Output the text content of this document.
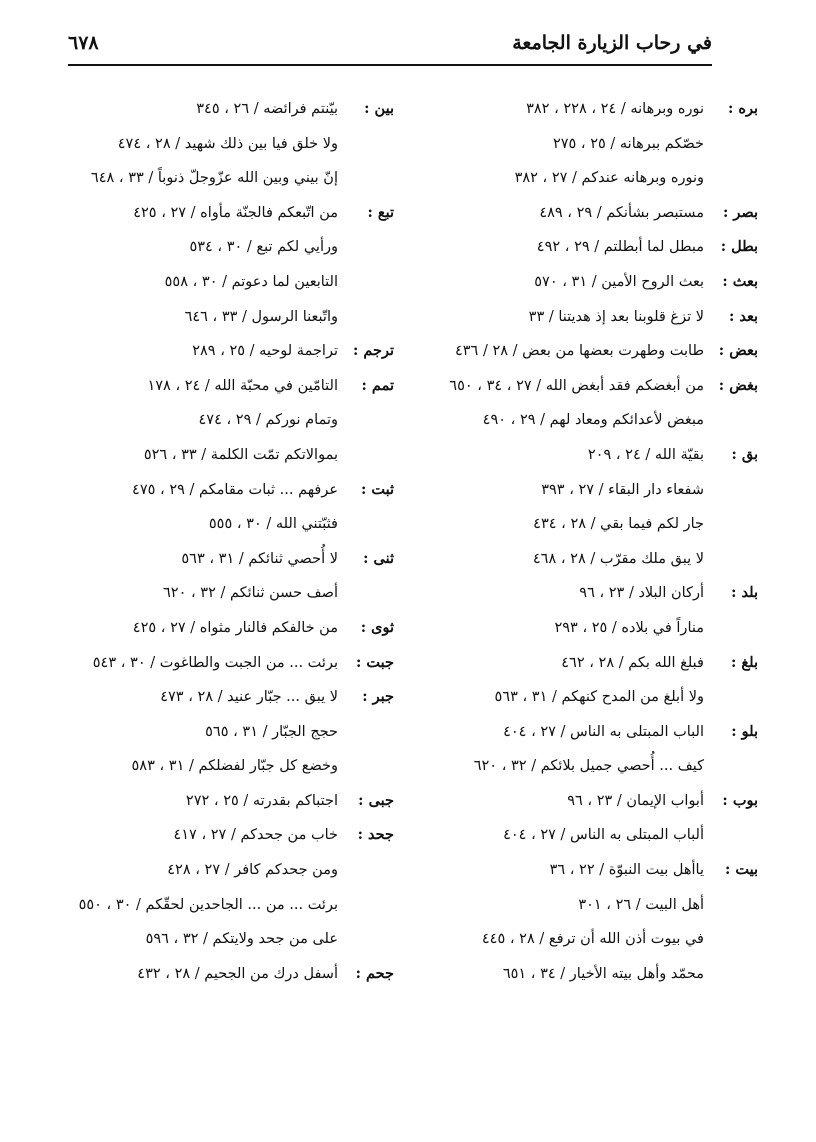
في رحاب الزيارة الجامعة
٦٧٨
بره :
نوره وبرهانه / ٢٤ ، ٢٢٨ ، ٣٨٢
خصّكم ببرهانه / ٢٥ ، ٢٧٥
ونوره وبرهانه عندكم / ٢٧ ، ٣٨٢
بصر :
مستبصر بشأنكم / ٢٩ ، ٤٨٩
بطل :
مبطل لما أبطلتم / ٢٩ ، ٤٩٢
بعث :
بعث الروح الأمين / ٣١ ، ٥٧٠
بعد :
لا تزغ قلوبنا بعد إذ هديتنا / ٣٣
بعض :
طابت وطهرت بعضها من بعض / ٢٨ / ٤٣٦
بغض :
من أبغضكم فقد أبغض الله / ٢٧ ، ٣٤ ، ٦٥٠
مبغض لأعدائكم ومعاد لهم / ٢٩ ، ٤٩٠
بق :
بقيّة الله / ٢٤ ، ٢٠٩
شفعاء دار البقاء / ٢٧ ، ٣٩٣
جار لكم فيما بقي / ٢٨ ، ٤٣٤
لا يبق ملك مقرّب / ٢٨ ، ٤٦٨
بلد :
أركان البلاد / ٢٣ ، ٩٦
مناراً في بلاده / ٢٥ ، ٢٩٣
بلغ :
فبلغ الله بكم / ٢٨ ، ٤٦٢
ولا أبلغ من المدح كنهكم / ٣١ ، ٥٦٣
بلو :
الباب المبتلى به الناس / ٢٧ ، ٤٠٤
كيف ... أُحصي جميل بلائكم / ٣٢ ، ٦٢٠
بوب :
أبواب الإيمان / ٢٣ ، ٩٦
ألباب المبتلى به الناس / ٢٧ ، ٤٠٤
بيت :
ياأهل بيت النبوّة / ٢٢ ، ٣٦
أهل البيت / ٢٦ ، ٣٠١
في بيوت أذن الله أن ترفع / ٢٨ ، ٤٤٥
محمّد وأهل بيته الأخيار / ٣٤ ، ٦٥١
بين :
بيّنتم فرائضه / ٢٦ ، ٣٤٥
ولا خلق فيا بين ذلك شهيد / ٢٨ ، ٤٧٤
إنّ بيني وبين الله عزّوجلّ ذنوباً / ٣٣ ، ٦٤٨
تبع :
من اتّبعكم فالجنّة مأواه / ٢٧ ، ٤٢٥
ورأيي لكم تبع / ٣٠ ، ٥٣٤
التابعين لما دعوتم / ٣٠ ، ٥٥٨
واتّبعنا الرسول / ٣٣ ، ٦٤٦
ترجم :
تراجمة لوحيه / ٢٥ ، ٢٨٩
تمم :
التامّين في محبّة الله / ٢٤ ، ١٧٨
وتمام نوركم / ٢٩ ، ٤٧٤
بموالاتكم تمّت الكلمة / ٣٣ ، ٥٢٦
ثبت :
عرفهم ... ثبات مقامكم / ٢٩ ، ٤٧٥
فثبّتني الله / ٣٠ ، ٥٥٥
ثنى :
لا أُحصي ثنائكم / ٣١ ، ٥٦٣
أصف حسن ثنائكم / ٣٢ ، ٦٢٠
ثوى :
من خالفكم فالنار مثواه / ٢٧ ، ٤٢٥
جبت :
برئت ... من الجبت والطاغوت / ٣٠ ، ٥٤٣
جبر :
لا يبق ... جبّار عنيد / ٢٨ ، ٤٧٣
حجج الجبّار / ٣١ ، ٥٦٥
وخضع كل جبّار لفضلكم / ٣١ ، ٥٨٣
جبى :
اجتباكم بقدرته / ٢٥ ، ٢٧٢
جحد :
خاب من جحدكم / ٢٧ ، ٤١٧
ومن جحدكم كافر / ٢٧ ، ٤٢٨
برئت ... من ... الجاحدين لحقّكم / ٣٠ ، ٥٥٠
على من جحد ولايتكم / ٣٢ ، ٥٩٦
جحم :
أسفل درك من الجحيم / ٢٨ ، ٤٣٢
